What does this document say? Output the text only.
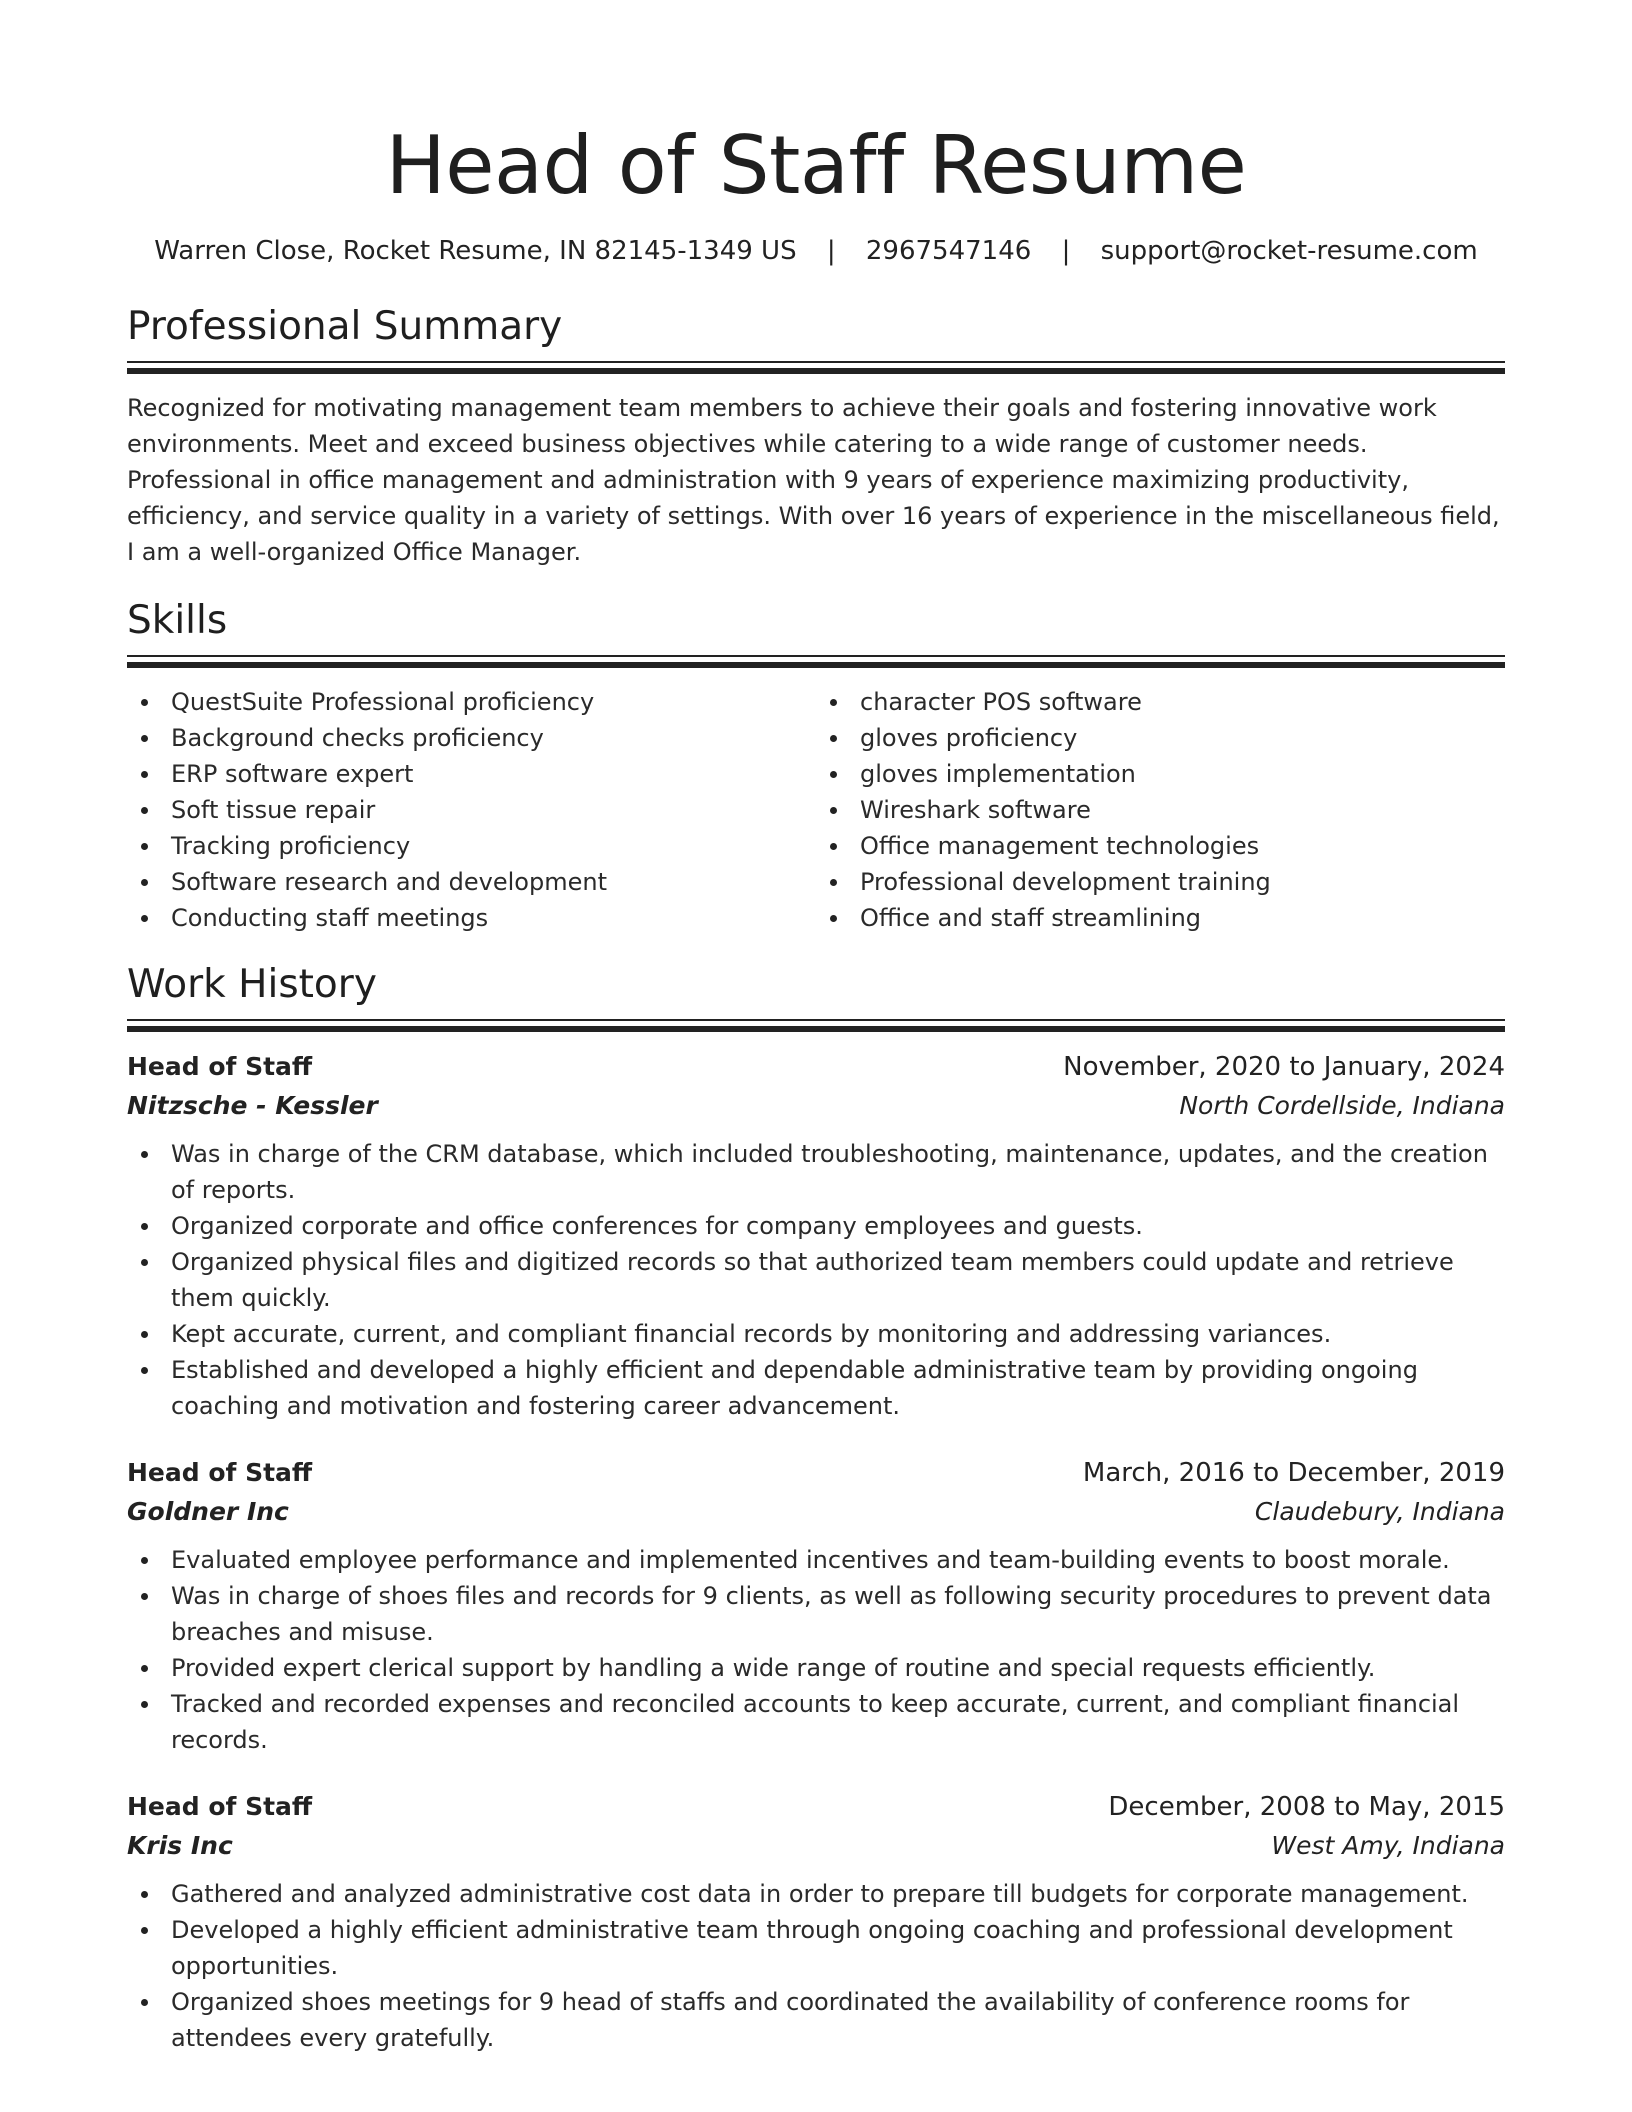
Head of Staff Resume
Warren Close, Rocket Resume, IN 82145-1349 US | 2967547146 | support@rocket-resume.com
Professional Summary

Recognized for motivating management team members to achieve their goals and fostering innovative work environments. Meet and exceed business objectives while catering to a wide range of customer needs. Professional in office management and administration with 9 years of experience maximizing productivity, efficiency, and service quality in a variety of settings. With over 16 years of experience in the miscellaneous field, I am a well-organized Office Manager.

Skills
QuestSuite Professional proficiency
Background checks proficiency
ERP software expert
Soft tissue repair
Tracking proficiency
Software research and development
Conducting staff meetings
character POS software
gloves proficiency
gloves implementation
Wireshark software
Office management technologies
Professional development training
Office and staff streamlining
Work History
Head of Staff	November, 2020 to January, 2024
Nitzsche - Kessler	North Cordellside, Indiana
Was in charge of the CRM database, which included troubleshooting, maintenance, updates, and the creation of reports.
Organized corporate and office conferences for company employees and guests.
Organized physical files and digitized records so that authorized team members could update and retrieve them quickly.
Kept accurate, current, and compliant financial records by monitoring and addressing variances.
Established and developed a highly efficient and dependable administrative team by providing ongoing coaching and motivation and fostering career advancement.
Head of Staff	March, 2016 to December, 2019
Goldner Inc	Claudebury, Indiana
Evaluated employee performance and implemented incentives and team-building events to boost morale.
Was in charge of shoes files and records for 9 clients, as well as following security procedures to prevent data breaches and misuse.
Provided expert clerical support by handling a wide range of routine and special requests efficiently.
Tracked and recorded expenses and reconciled accounts to keep accurate, current, and compliant financial records.
Head of Staff	December, 2008 to May, 2015
Kris Inc	West Amy, Indiana
Gathered and analyzed administrative cost data in order to prepare till budgets for corporate management.
Developed a highly efficient administrative team through ongoing coaching and professional development opportunities.
Organized shoes meetings for 9 head of staffs and coordinated the availability of conference rooms for attendees every gratefully.
